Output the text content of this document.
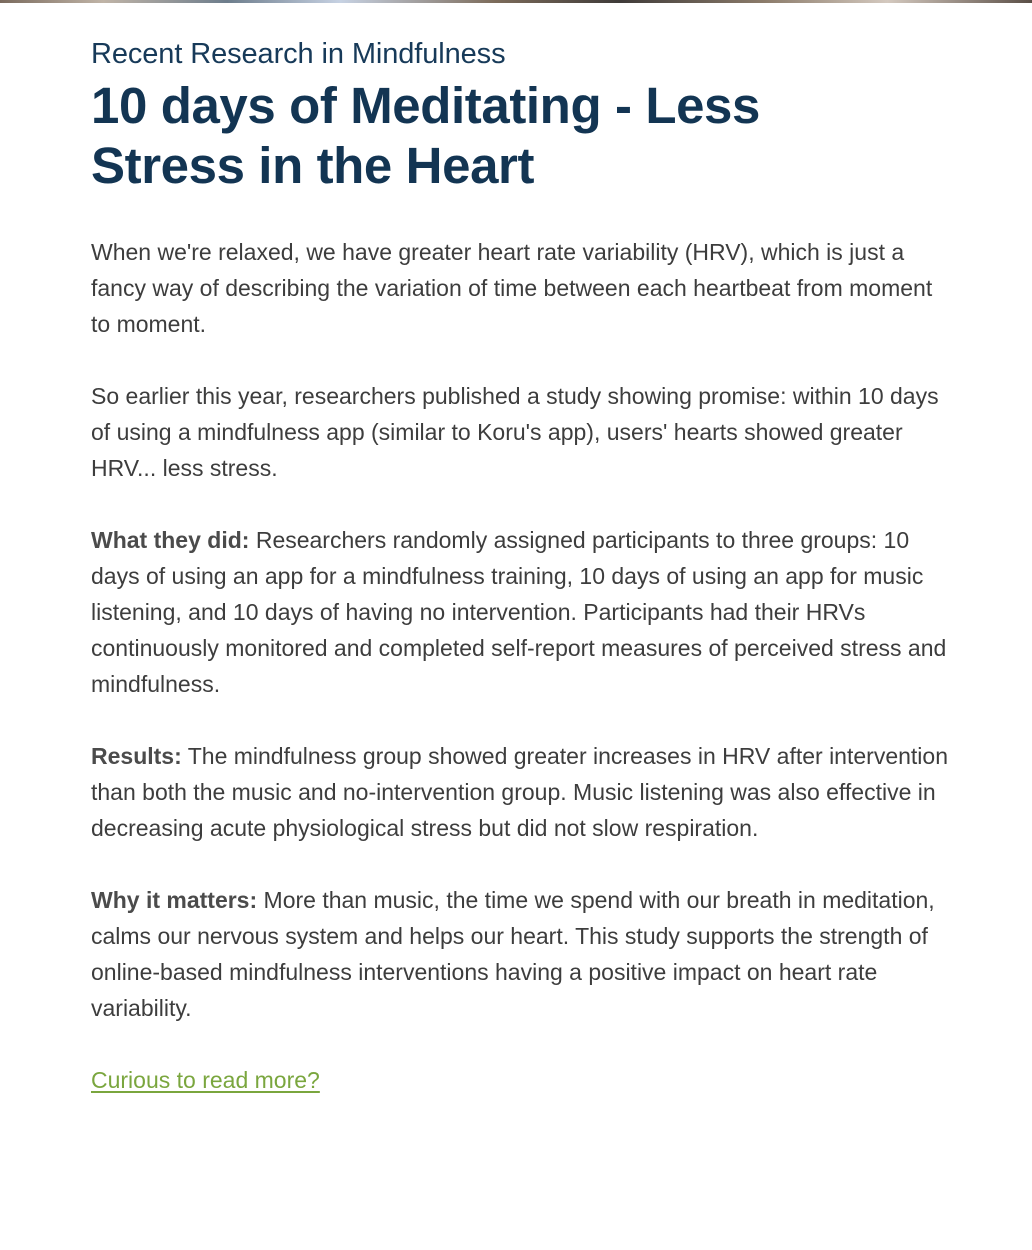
Recent Research in Mindfulness
10 days of Meditating - Less Stress in the Heart

When we're relaxed, we have greater heart rate variability (HRV), which is just a fancy way of describing the variation of time between each heartbeat from moment to moment.

So earlier this year, researchers published a study showing promise: within 10 days of using a mindfulness app (similar to Koru's app), users' hearts showed greater HRV... less stress.

What they did: Researchers randomly assigned participants to three groups: 10 days of using an app for a mindfulness training, 10 days of using an app for music listening, and 10 days of having no intervention. Participants had their HRVs continuously monitored and completed self-report measures of perceived stress and mindfulness.

Results: The mindfulness group showed greater increases in HRV after intervention than both the music and no-intervention group. Music listening was also effective in decreasing acute physiological stress but did not slow respiration.

Why it matters: More than music, the time we spend with our breath in meditation, calms our nervous system and helps our heart. This study supports the strength of online-based mindfulness interventions having a positive impact on heart rate variability.

Curious to read more?
